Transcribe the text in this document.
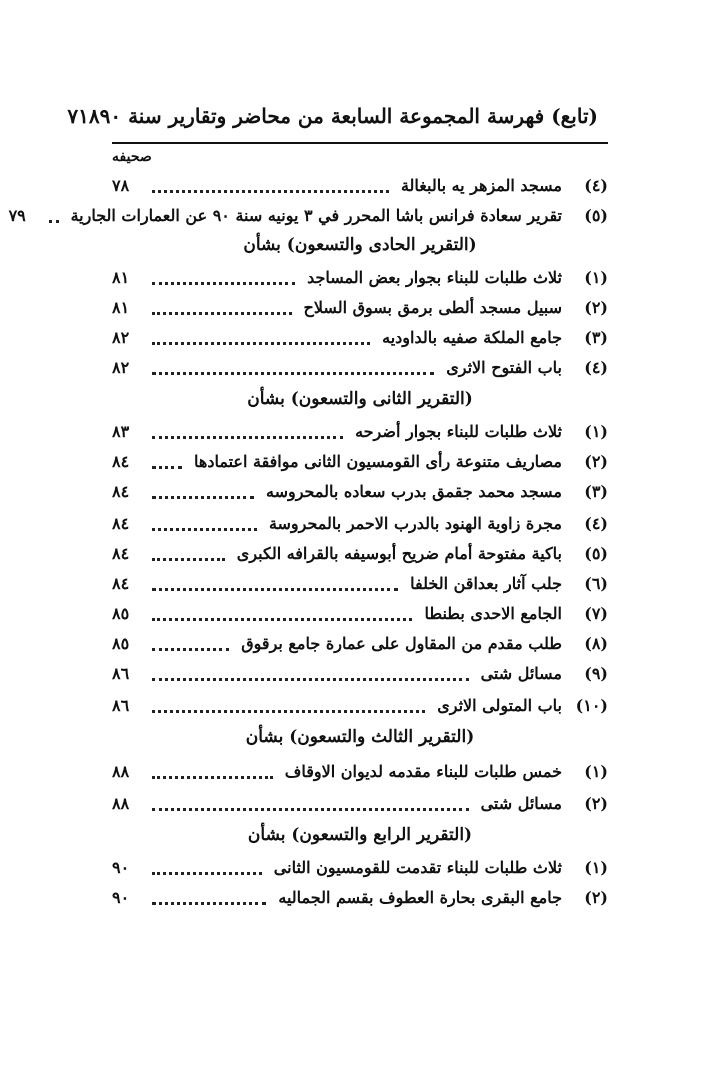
(تابع) فهرسة المجموعة السابعة من محاضر وتقارير سنة ١٨٩٠
٧
صحيفه
(٤)
مسجد المزهر يه بالبغالة
٧٨
(٥)
تقرير سعادة فرانس باشا المحرر في ٣ يونيه سنة ٩٠ عن العمارات الجارية
٧٩
(التقرير الحادى والتسعون) بشأن
(١)
ثلاث طلبات للبناء بجوار بعض المساجد
٨١
(٢)
سبيل مسجد ألطى برمق بسوق السلاح
٨١
(٣)
جامع الملكة صفيه بالداوديه
٨٢
(٤)
باب الفتوح الاثرى
٨٢
(التقرير الثانى والتسعون) بشأن
(١)
ثلاث طلبات للبناء بجوار أضرحه
٨٣
(٢)
مصاريف متنوعة رأى القومسيون الثانى موافقة اعتمادها
٨٤
(٣)
مسجد محمد جقمق بدرب سعاده بالمحروسه
٨٤
(٤)
مجرة زاوية الهنود بالدرب الاحمر بالمحروسة
٨٤
(٥)
باكية مفتوحة أمام ضريح أبوسيفه بالقرافه الكبرى
٨٤
(٦)
جلب آثار بعداقن الخلفا
٨٤
(٧)
الجامع الاحدى بطنطا
٨٥
(٨)
طلب مقدم من المقاول على عمارة جامع برقوق
٨٥
(٩)
مسائل شتى
٨٦
(١٠)
باب المتولى الاثرى
٨٦
(التقرير الثالث والتسعون) بشأن
(١)
خمس طلبات للبناء مقدمه لديوان الاوقاف
٨٨
(٢)
مسائل شتى
٨٨
(التقرير الرابع والتسعون) بشأن
(١)
ثلاث طلبات للبناء تقدمت للقومسيون الثانى
٩٠
(٢)
جامع البقرى بحارة العطوف بقسم الجماليه
٩٠
